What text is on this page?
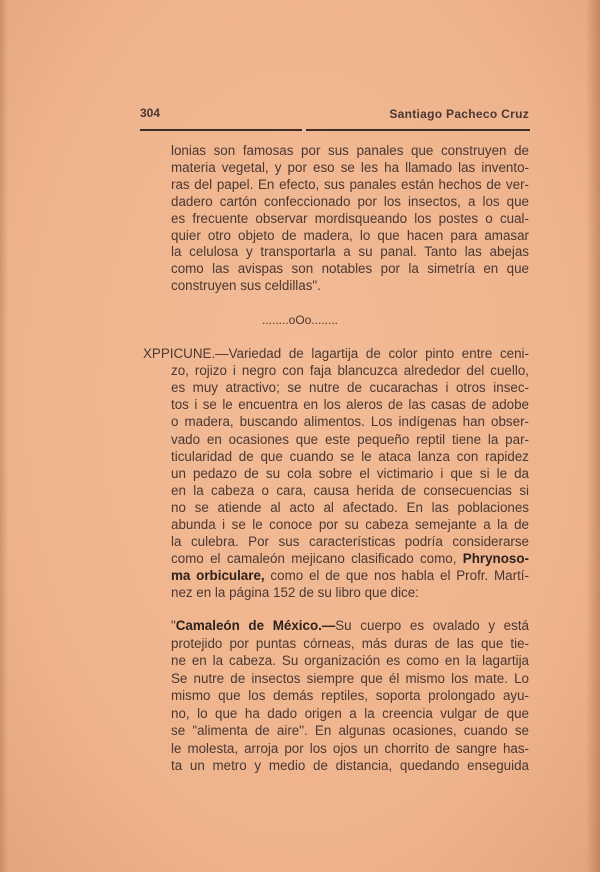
304	Santiago Pacheco Cruz
lonias son famosas por sus panales que construyen de
materia vegetal, y por eso se les ha llamado las invento-
ras del papel. En efecto, sus panales están hechos de ver-
dadero cartón confeccionado por los insectos, a los que
es frecuente observar mordisqueando los postes o cual-
quier otro objeto de madera, lo que hacen para amasar
la celulosa y transportarla a su panal. Tanto las abejas
como las avispas son notables por la simetría en que
construyen sus celdillas".
........oOo........
XPPICUNE.—Variedad de lagartija de color pinto entre ceni-
zo, rojizo i negro con faja blancuzca alrededor del cuello,
es muy atractivo; se nutre de cucarachas i otros insec-
tos i se le encuentra en los aleros de las casas de adobe
o madera, buscando alimentos. Los indígenas han obser-
vado en ocasiones que este pequeño reptil tiene la par-
ticularidad de que cuando se le ataca lanza con rapidez
un pedazo de su cola sobre el victimario i que si le da
en la cabeza o cara, causa herida de consecuencias si
no se atiende al acto al afectado. En las poblaciones
abunda i se le conoce por su cabeza semejante a la de
la culebra. Por sus características podría considerarse
como el camaleón mejicano clasificado como, Phrynoso-
ma orbiculare, como el de que nos habla el Profr. Martí-
nez en la página 152 de su libro que dice:
"Camaleón de México.—Su cuerpo es ovalado y está
protejido por puntas córneas, más duras de las que tie-
ne en la cabeza. Su organización es como en la lagartija
Se nutre de insectos siempre que él mismo los mate. Lo
mismo que los demás reptiles, soporta prolongado ayu-
no, lo que ha dado origen a la creencia vulgar de que
se "alimenta de aire". En algunas ocasiones, cuando se
le molesta, arroja por los ojos un chorrito de sangre has-
ta un metro y medio de distancia, quedando enseguida
